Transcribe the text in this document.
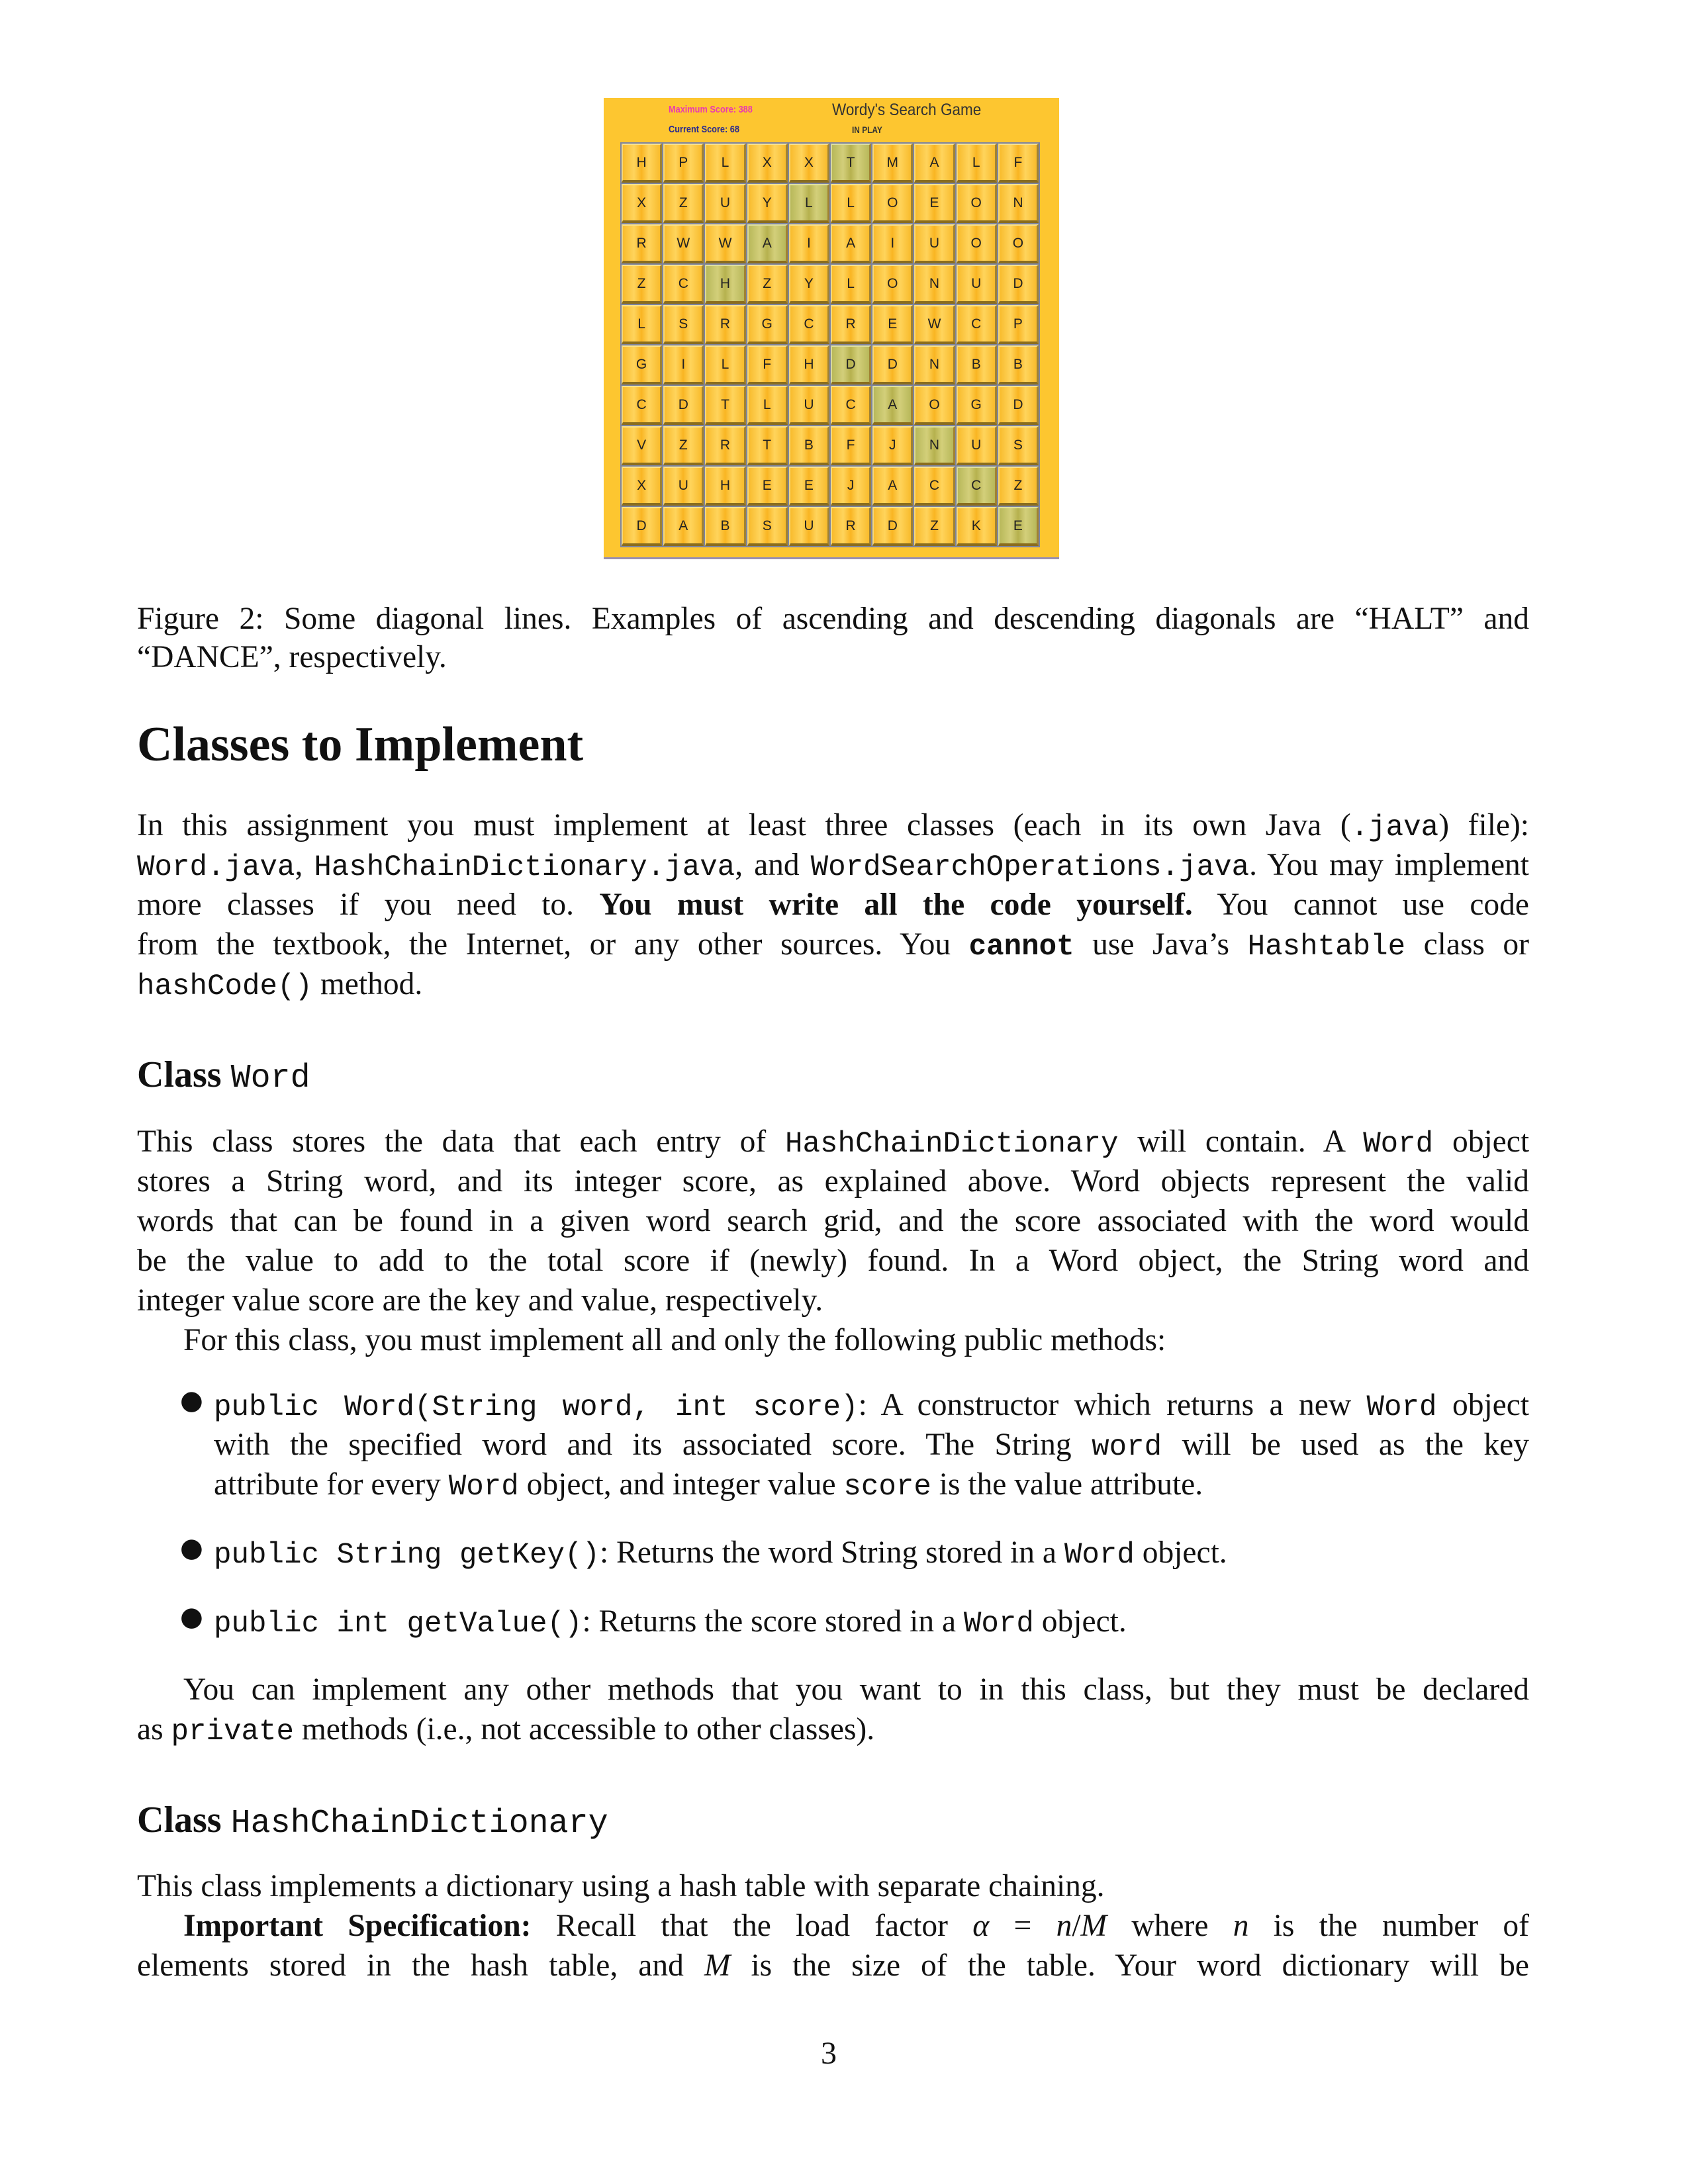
Maximum Score: 388
Current Score: 68
Wordy's Search Game
IN PLAY
H	P	L	X	X	T	M	A	L	F
X	Z	U	Y	L	L	O	E	O	N
R	W	W	A	I	A	I	U	O	O
Z	C	H	Z	Y	L	O	N	U	D
L	S	R	G	C	R	E	W	C	P
G	I	L	F	H	D	D	N	B	B
C	D	T	L	U	C	A	O	G	D
V	Z	R	T	B	F	J	N	U	S
X	U	H	E	E	J	A	C	C	Z
D	A	B	S	U	R	D	Z	K	E
Figure 2: Some diagonal lines. Examples of ascending and descending diagonals are “HALT” and
“DANCE”, respectively.
Classes to Implement
In this assignment you must implement at least three classes (each in its own Java (.java) file):
Word.java, HashChainDictionary.java, and WordSearchOperations.java. You may implement
more classes if you need to. You must write all the code yourself. You cannot use code
from the textbook, the Internet, or any other sources. You cannot use Java’s Hashtable class or
hashCode() method.
Class Word
This class stores the data that each entry of HashChainDictionary will contain. A Word object
stores a String word, and its integer score, as explained above. Word objects represent the valid
words that can be found in a given word search grid, and the score associated with the word would
be the value to add to the total score if (newly) found. In a Word object, the String word and
integer value score are the key and value, respectively.
For this class, you must implement all and only the following public methods:
● public Word(String word, int score): A constructor which returns a new Word object
with the specified word and its associated score. The String word will be used as the key
attribute for every Word object, and integer value score is the value attribute.
● public String getKey(): Returns the word String stored in a Word object.
● public int getValue(): Returns the score stored in a Word object.
You can implement any other methods that you want to in this class, but they must be declared
as private methods (i.e., not accessible to other classes).
Class HashChainDictionary
This class implements a dictionary using a hash table with separate chaining.
Important Specification: Recall that the load factor α = n/M where n is the number of
elements stored in the hash table, and M is the size of the table. Your word dictionary will be
3
